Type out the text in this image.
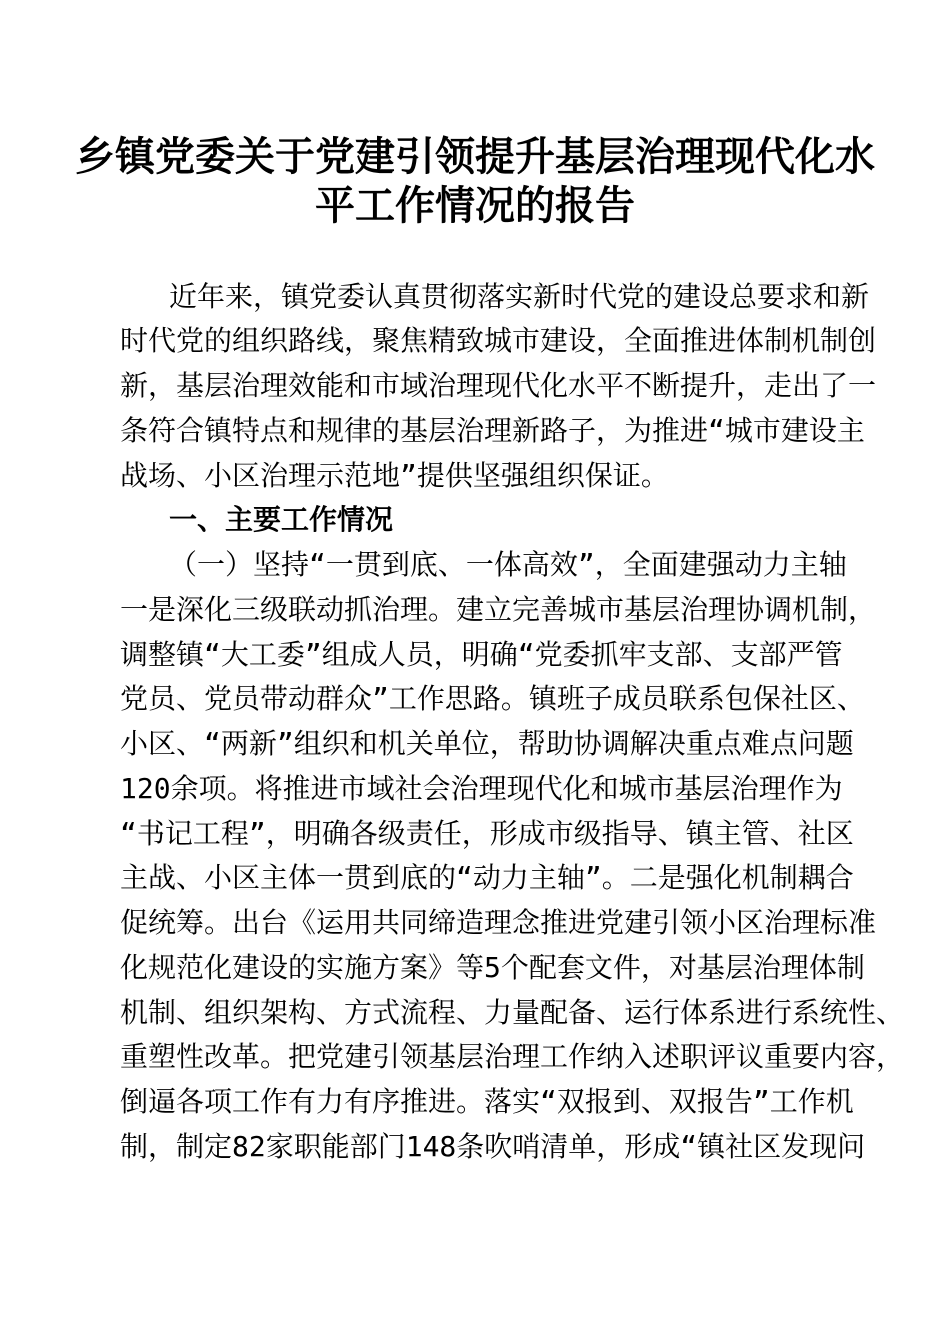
乡镇党委关于党建引领提升基层治理现代化水
平工作情况的报告
近年来，镇党委认真贯彻落实新时代党的建设总要求和新
时代党的组织路线，聚焦精致城市建设，全面推进体制机制创
新，基层治理效能和市域治理现代化水平不断提升，走出了一
条符合镇特点和规律的基层治理新路子，为推进“城市建设主
战场、小区治理示范地”提供坚强组织保证。
一、主要工作情况
（一）坚持“一贯到底、一体高效”，全面建强动力主轴
一是深化三级联动抓治理。建立完善城市基层治理协调机制，
调整镇“大工委”组成人员，明确“党委抓牢支部、支部严管
党员、党员带动群众”工作思路。镇班子成员联系包保社区、
小区、“两新”组织和机关单位，帮助协调解决重点难点问题
120余项。将推进市域社会治理现代化和城市基层治理作为
“书记工程”，明确各级责任，形成市级指导、镇主管、社区
主战、小区主体一贯到底的“动力主轴”。二是强化机制耦合
促统筹。出台《运用共同缔造理念推进党建引领小区治理标准
化规范化建设的实施方案》等5个配套文件，对基层治理体制
机制、组织架构、方式流程、力量配备、运行体系进行系统性、
重塑性改革。把党建引领基层治理工作纳入述职评议重要内容，
倒逼各项工作有力有序推进。落实“双报到、双报告”工作机
制，制定82家职能部门148条吹哨清单，形成“镇社区发现问
